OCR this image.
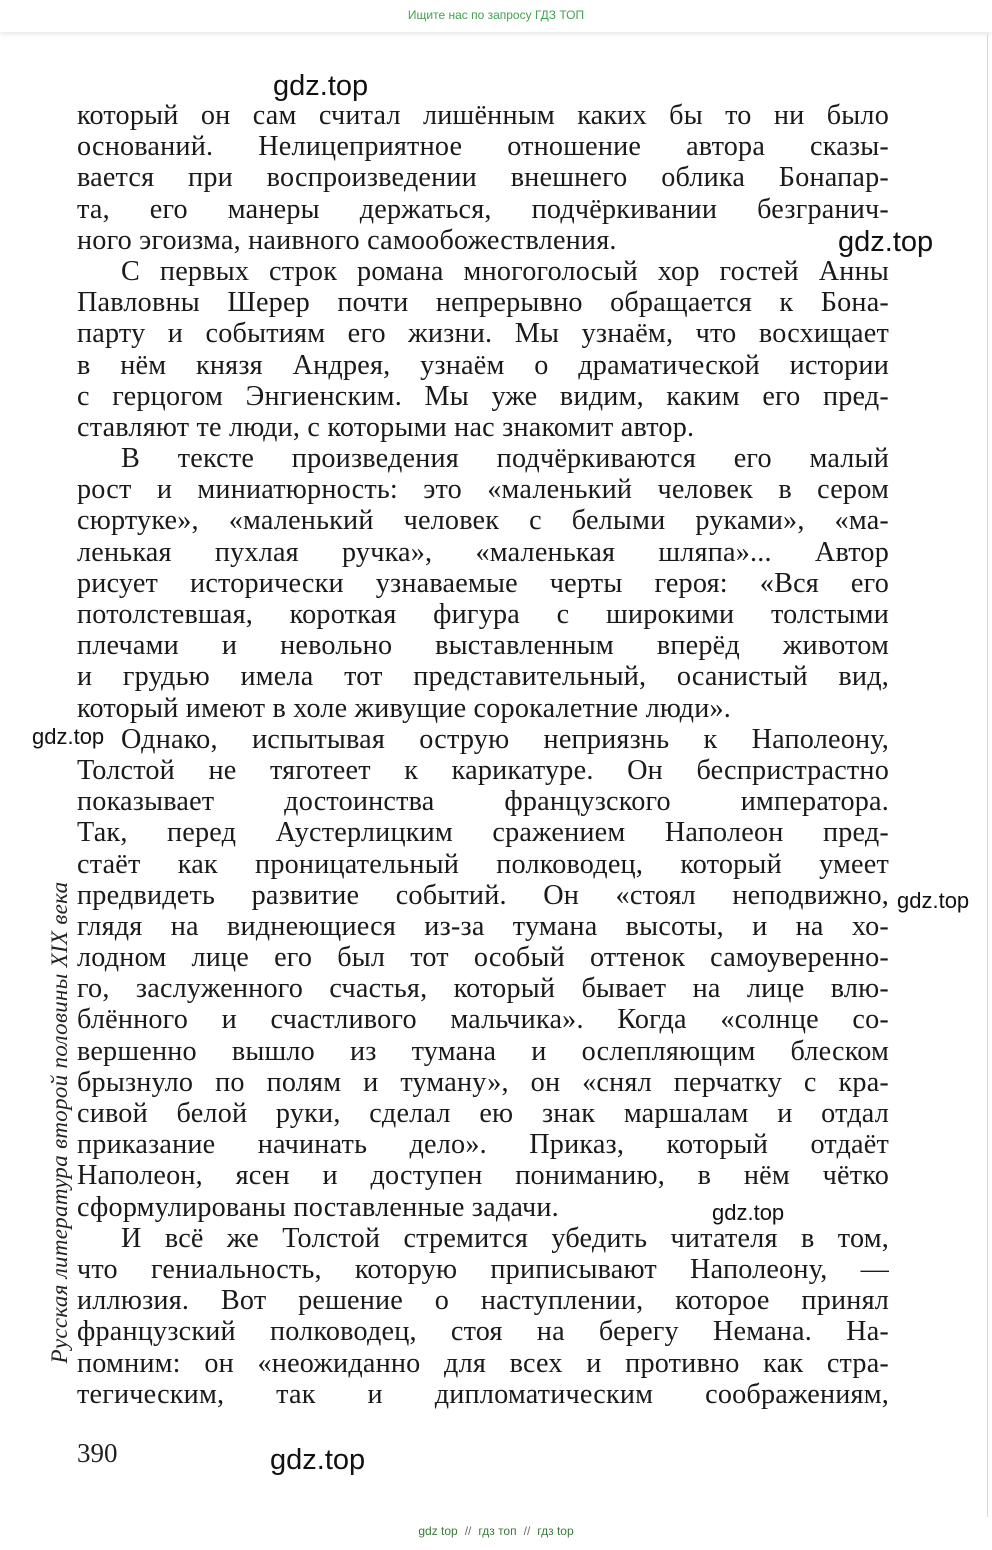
Ищите нас по запросу ГДЗ ТОП
который он сам считал лишённым каких бы то ни было
оснований. Нелицеприятное отношение автора сказы-
вается при воспроизведении внешнего облика Бонапар-
та, его манеры держаться, подчёркивании безгранич-
ного эгоизма, наивного самообожествления.
С первых строк романа многоголосый хор гостей Анны
Павловны Шерер почти непрерывно обращается к Бона-
парту и событиям его жизни. Мы узнаём, что восхищает
в нём князя Андрея, узнаём о драматической истории
с герцогом Энгиенским. Мы уже видим, каким его пред-
ставляют те люди, с которыми нас знакомит автор.
В тексте произведения подчёркиваются его малый
рост и миниатюрность: это «маленький человек в сером
сюртуке», «маленький человек с белыми руками», «ма-
ленькая пухлая ручка», «маленькая шляпа»... Автор
рисует исторически узнаваемые черты героя: «Вся его
потолстевшая, короткая фигура с широкими толстыми
плечами и невольно выставленным вперёд животом
и грудью имела тот представительный, осанистый вид,
который имеют в холе живущие сорокалетние люди».
Однако, испытывая острую неприязнь к Наполеону,
Толстой не тяготеет к карикатуре. Он беспристрастно
показывает достоинства французского императора.
Так, перед Аустерлицким сражением Наполеон пред-
стаёт как проницательный полководец, который умеет
предвидеть развитие событий. Он «стоял неподвижно,
глядя на виднеющиеся из-за тумана высоты, и на хо-
лодном лице его был тот особый оттенок самоуверенно-
го, заслуженного счастья, который бывает на лице влю-
блённого и счастливого мальчика». Когда «солнце со-
вершенно вышло из тумана и ослепляющим блеском
брызнуло по полям и туману», он «снял перчатку с кра-
сивой белой руки, сделал ею знак маршалам и отдал
приказание начинать дело». Приказ, который отдаёт
Наполеон, ясен и доступен пониманию, в нём чётко
сформулированы поставленные задачи.
И всё же Толстой стремится убедить читателя в том,
что гениальность, которую приписывают Наполеону, —
иллюзия. Вот решение о наступлении, которое принял
французский полководец, стоя на берегу Немана. На-
помним: он «неожиданно для всех и противно как стра-
тегическим, так и дипломатическим соображениям,
Русская литература второй половины XIX века
390
gdz.top
gdz.top
gdz.top
gdz.top
gdz.top
gdz.top
gdz top // гдз топ // гдз top
